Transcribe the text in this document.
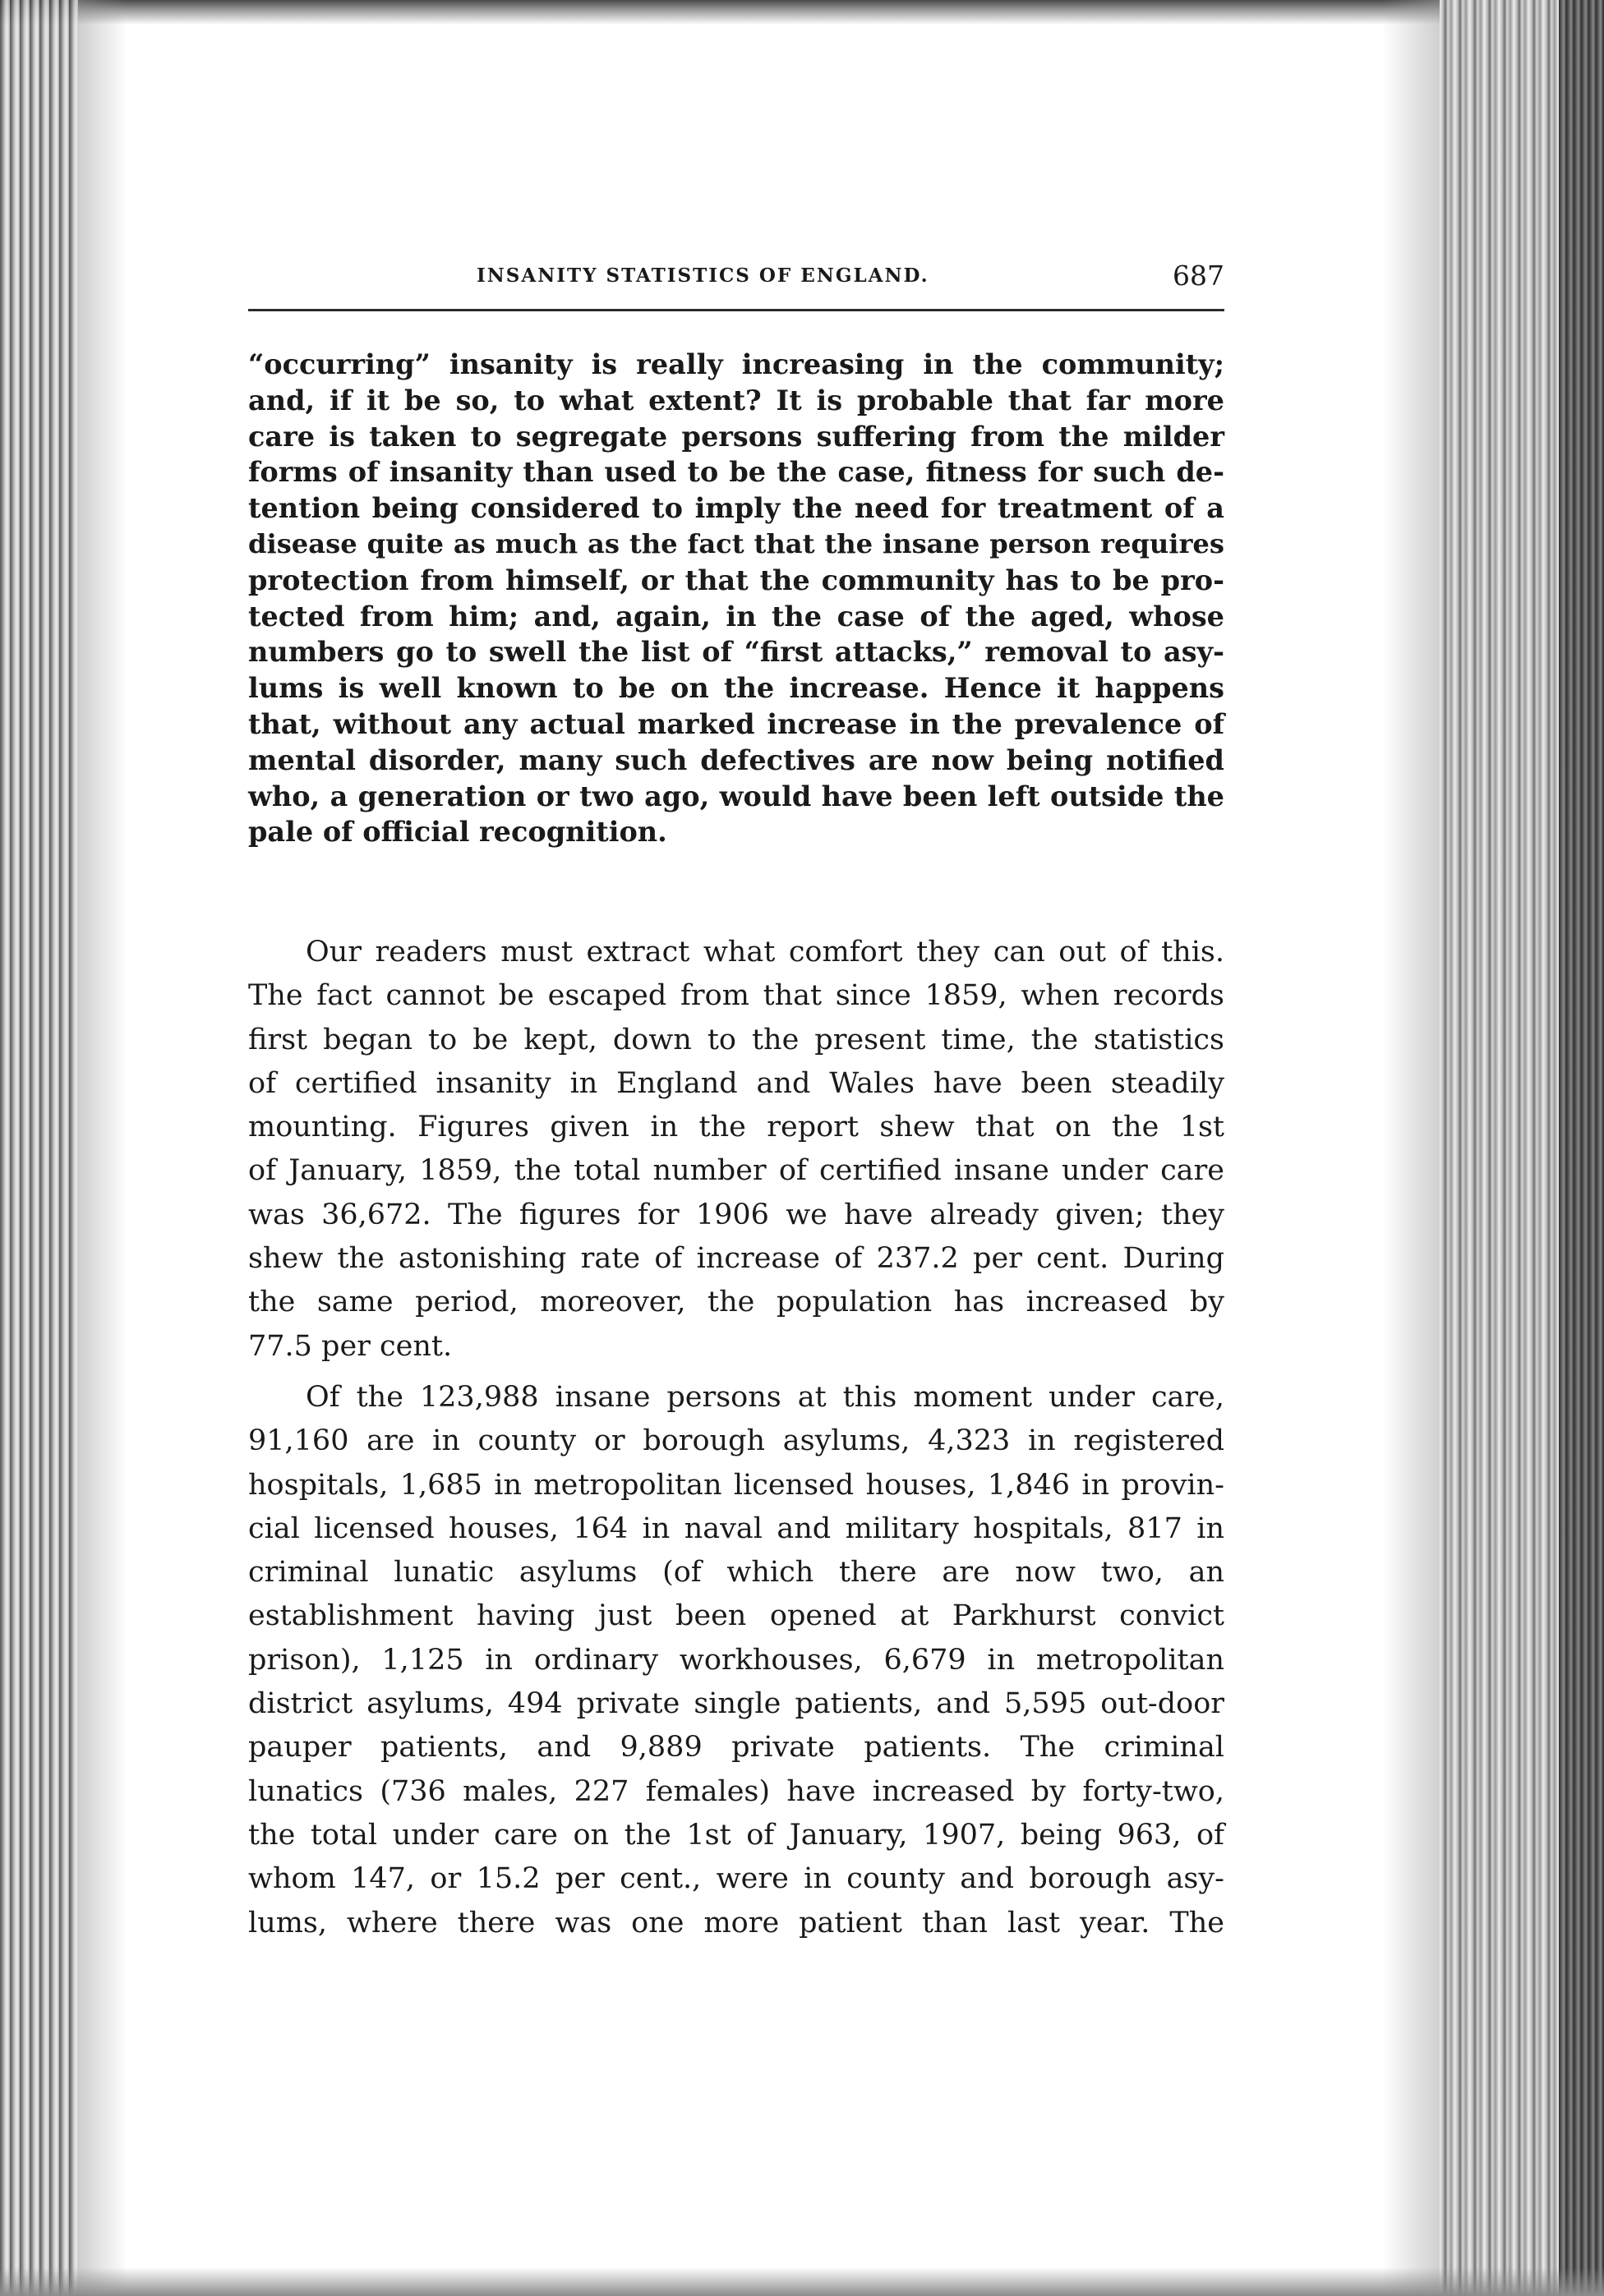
INSANITY STATISTICS OF ENGLAND.	687
“occurring” insanity is really increasing in the community;
and, if it be so, to what extent? It is probable that far more
care is taken to segregate persons suffering from the milder
forms of insanity than used to be the case, fitness for such de-
tention being considered to imply the need for treatment of a
disease quite as much as the fact that the insane person requires
protection from himself, or that the community has to be pro-
tected from him; and, again, in the case of the aged, whose
numbers go to swell the list of “first attacks,” removal to asy-
lums is well known to be on the increase. Hence it happens
that, without any actual marked increase in the prevalence of
mental disorder, many such defectives are now being notified
who, a generation or two ago, would have been left outside the
pale of official recognition.
Our readers must extract what comfort they can out of this.
The fact cannot be escaped from that since 1859, when records
first began to be kept, down to the present time, the statistics
of certified insanity in England and Wales have been steadily
mounting. Figures given in the report shew that on the 1st
of January, 1859, the total number of certified insane under care
was 36,672. The figures for 1906 we have already given; they
shew the astonishing rate of increase of 237.2 per cent. During
the same period, moreover, the population has increased by
77.5 per cent.
Of the 123,988 insane persons at this moment under care,
91,160 are in county or borough asylums, 4,323 in registered
hospitals, 1,685 in metropolitan licensed houses, 1,846 in provin-
cial licensed houses, 164 in naval and military hospitals, 817 in
criminal lunatic asylums (of which there are now two, an
establishment having just been opened at Parkhurst convict
prison), 1,125 in ordinary workhouses, 6,679 in metropolitan
district asylums, 494 private single patients, and 5,595 out-door
pauper patients, and 9,889 private patients. The criminal
lunatics (736 males, 227 females) have increased by forty-two,
the total under care on the 1st of January, 1907, being 963, of
whom 147, or 15.2 per cent., were in county and borough asy-
lums, where there was one more patient than last year. The
